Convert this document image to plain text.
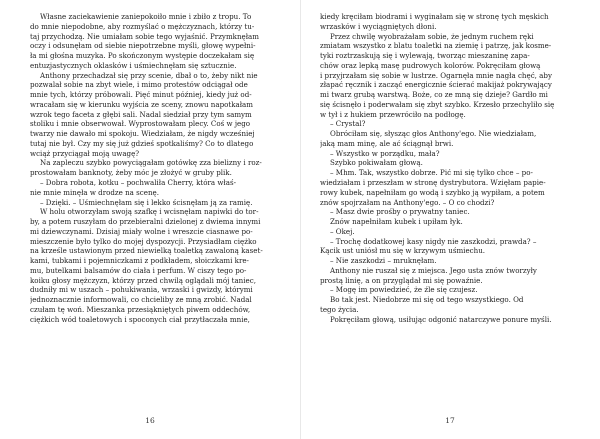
Własne zaciekawienie zaniepokoiło mnie i zbiło z tropu. To
do mnie niepodobne, aby rozmyślać o mężczyznach, którzy tu-
taj przychodzą. Nie umiałam sobie tego wyjaśnić. Przymknęłam
oczy i odsunęłam od siebie niepotrzebne myśli, głowę wypełni-
ła mi głośna muzyka. Po skończonym występie doczekałam się
entuzjastycznych oklasków i uśmiechnęłam się sztucznie.
Anthony przechadzał się przy scenie, dbał o to, żeby nikt nie
pozwalał sobie na zbyt wiele, i mimo protestów odciągał ode
mnie tych, którzy próbowali. Pięć minut później, kiedy już od-
wracałam się w kierunku wyjścia ze sceny, znowu napotkałam
wzrok tego faceta z głębi sali. Nadal siedział przy tym samym
stoliku i mnie obserwował. Wyprostowałam plecy. Coś w jego
twarzy nie dawało mi spokoju. Wiedziałam, że nigdy wcześniej
tutaj nie był. Czy my się już gdzieś spotkaliśmy? Co to dlatego
wciąż przyciągał moją uwagę?
Na zapleczu szybko powyciągałam gotówkę zza bielizny i roz-
prostowałam banknoty, żeby móc je złożyć w gruby plik.
– Dobra robota, kotku – pochwaliła Cherry, która właś-
nie mnie minęła w drodze na scenę.
– Dzięki. – Uśmiechnęłam się i lekko ścisnęłam ją za ramię.
W holu otworzyłam swoją szafkę i wcisnęłam napiwki do tor-
by, a potem ruszyłam do przebieralni dzielonej z dwiema innymi
mi dziewczynami. Dzisiaj miały wolne i wreszcie ciasnawe po-
mieszczenie było tylko do mojej dyspozycji. Przysiadłam ciężko
na krześle ustawionym przed niewielką toaletką zawaloną kaset-
kami, tubkami i pojemniczkami z podkładem, słoiczkami kre-
mu, butelkami balsamów do ciała i perfum. W ciszy tego po-
koiku głosy mężczyzn, którzy przed chwilą oglądali mój taniec,
dudniły mi w uszach – pohukiwania, wrzaski i gwizdy, którymi
jednoznacznie informowali, co chcieliby ze mną zrobić. Nadal
czułam tę woń. Mieszanka przesiąkniętych piwem oddechów,
ciężkich wód toaletowych i spoconych ciał przytłaczała mnie,
16
kiedy kręciłam biodrami i wyginałam się w stronę tych męskich
wrzasków i wyciągniętych dłoni.
Przez chwilę wyobrażałam sobie, że jednym ruchem ręki
zmiatam wszystko z blatu toaletki na ziemię i patrzę, jak kosme-
tyki roztrzaskują się i wylewają, tworząc mieszaninę zapa-
chów oraz lepką masę pudrowych kolorów. Pokręciłam głową
i przyjrzałam się sobie w lustrze. Ogarnęła mnie nagła chęć, aby
złapać ręcznik i zacząć energicznie ścierać makijaż pokrywający
mi twarz grubą warstwą. Boże, co ze mną się dzieje? Gardło mi
się ścisnęło i poderwałam się zbyt szybko. Krzesło przechyliło się
w tył i z hukiem przewróciło na podłogę.
– Crystal?
Obróciłam się, słysząc głos Anthony'ego. Nie wiedziałam,
jaką mam minę, ale ać ściągnął brwi.
– Wszystko w porządku, mała?
Szybko pokiwałam głową.
– Mhm. Tak, wszystko dobrze. Pić mi się tylko chce – po-
wiedziałam i przeszłam w stronę dystrybutora. Wzięłam papie-
rowy kubek, napełniłam go wodą i szybko ją wypiłam, a potem
znów spojrzałam na Anthony'ego. – O co chodzi?
– Masz dwie prośby o prywatny taniec.
Znów napełniłam kubek i upiłam łyk.
– Okej.
– Trochę dodatkowej kasy nigdy nie zaszkodzi, prawda? –
Kącik ust uniósł mu się w krzywym uśmiechu.
– Nie zaszkodzi – mruknęłam.
Anthony nie ruszał się z miejsca. Jego usta znów tworzyły
prostą linię, a on przyglądał mi się powaźnie.
– Mogę im powiedzieć, że źle się czujesz.
Bo tak jest. Niedobrze mi się od tego wszystkiego. Od
tego życia.
Pokręciłam głową, usiłując odgonić natarczywe ponure myśli.
17
